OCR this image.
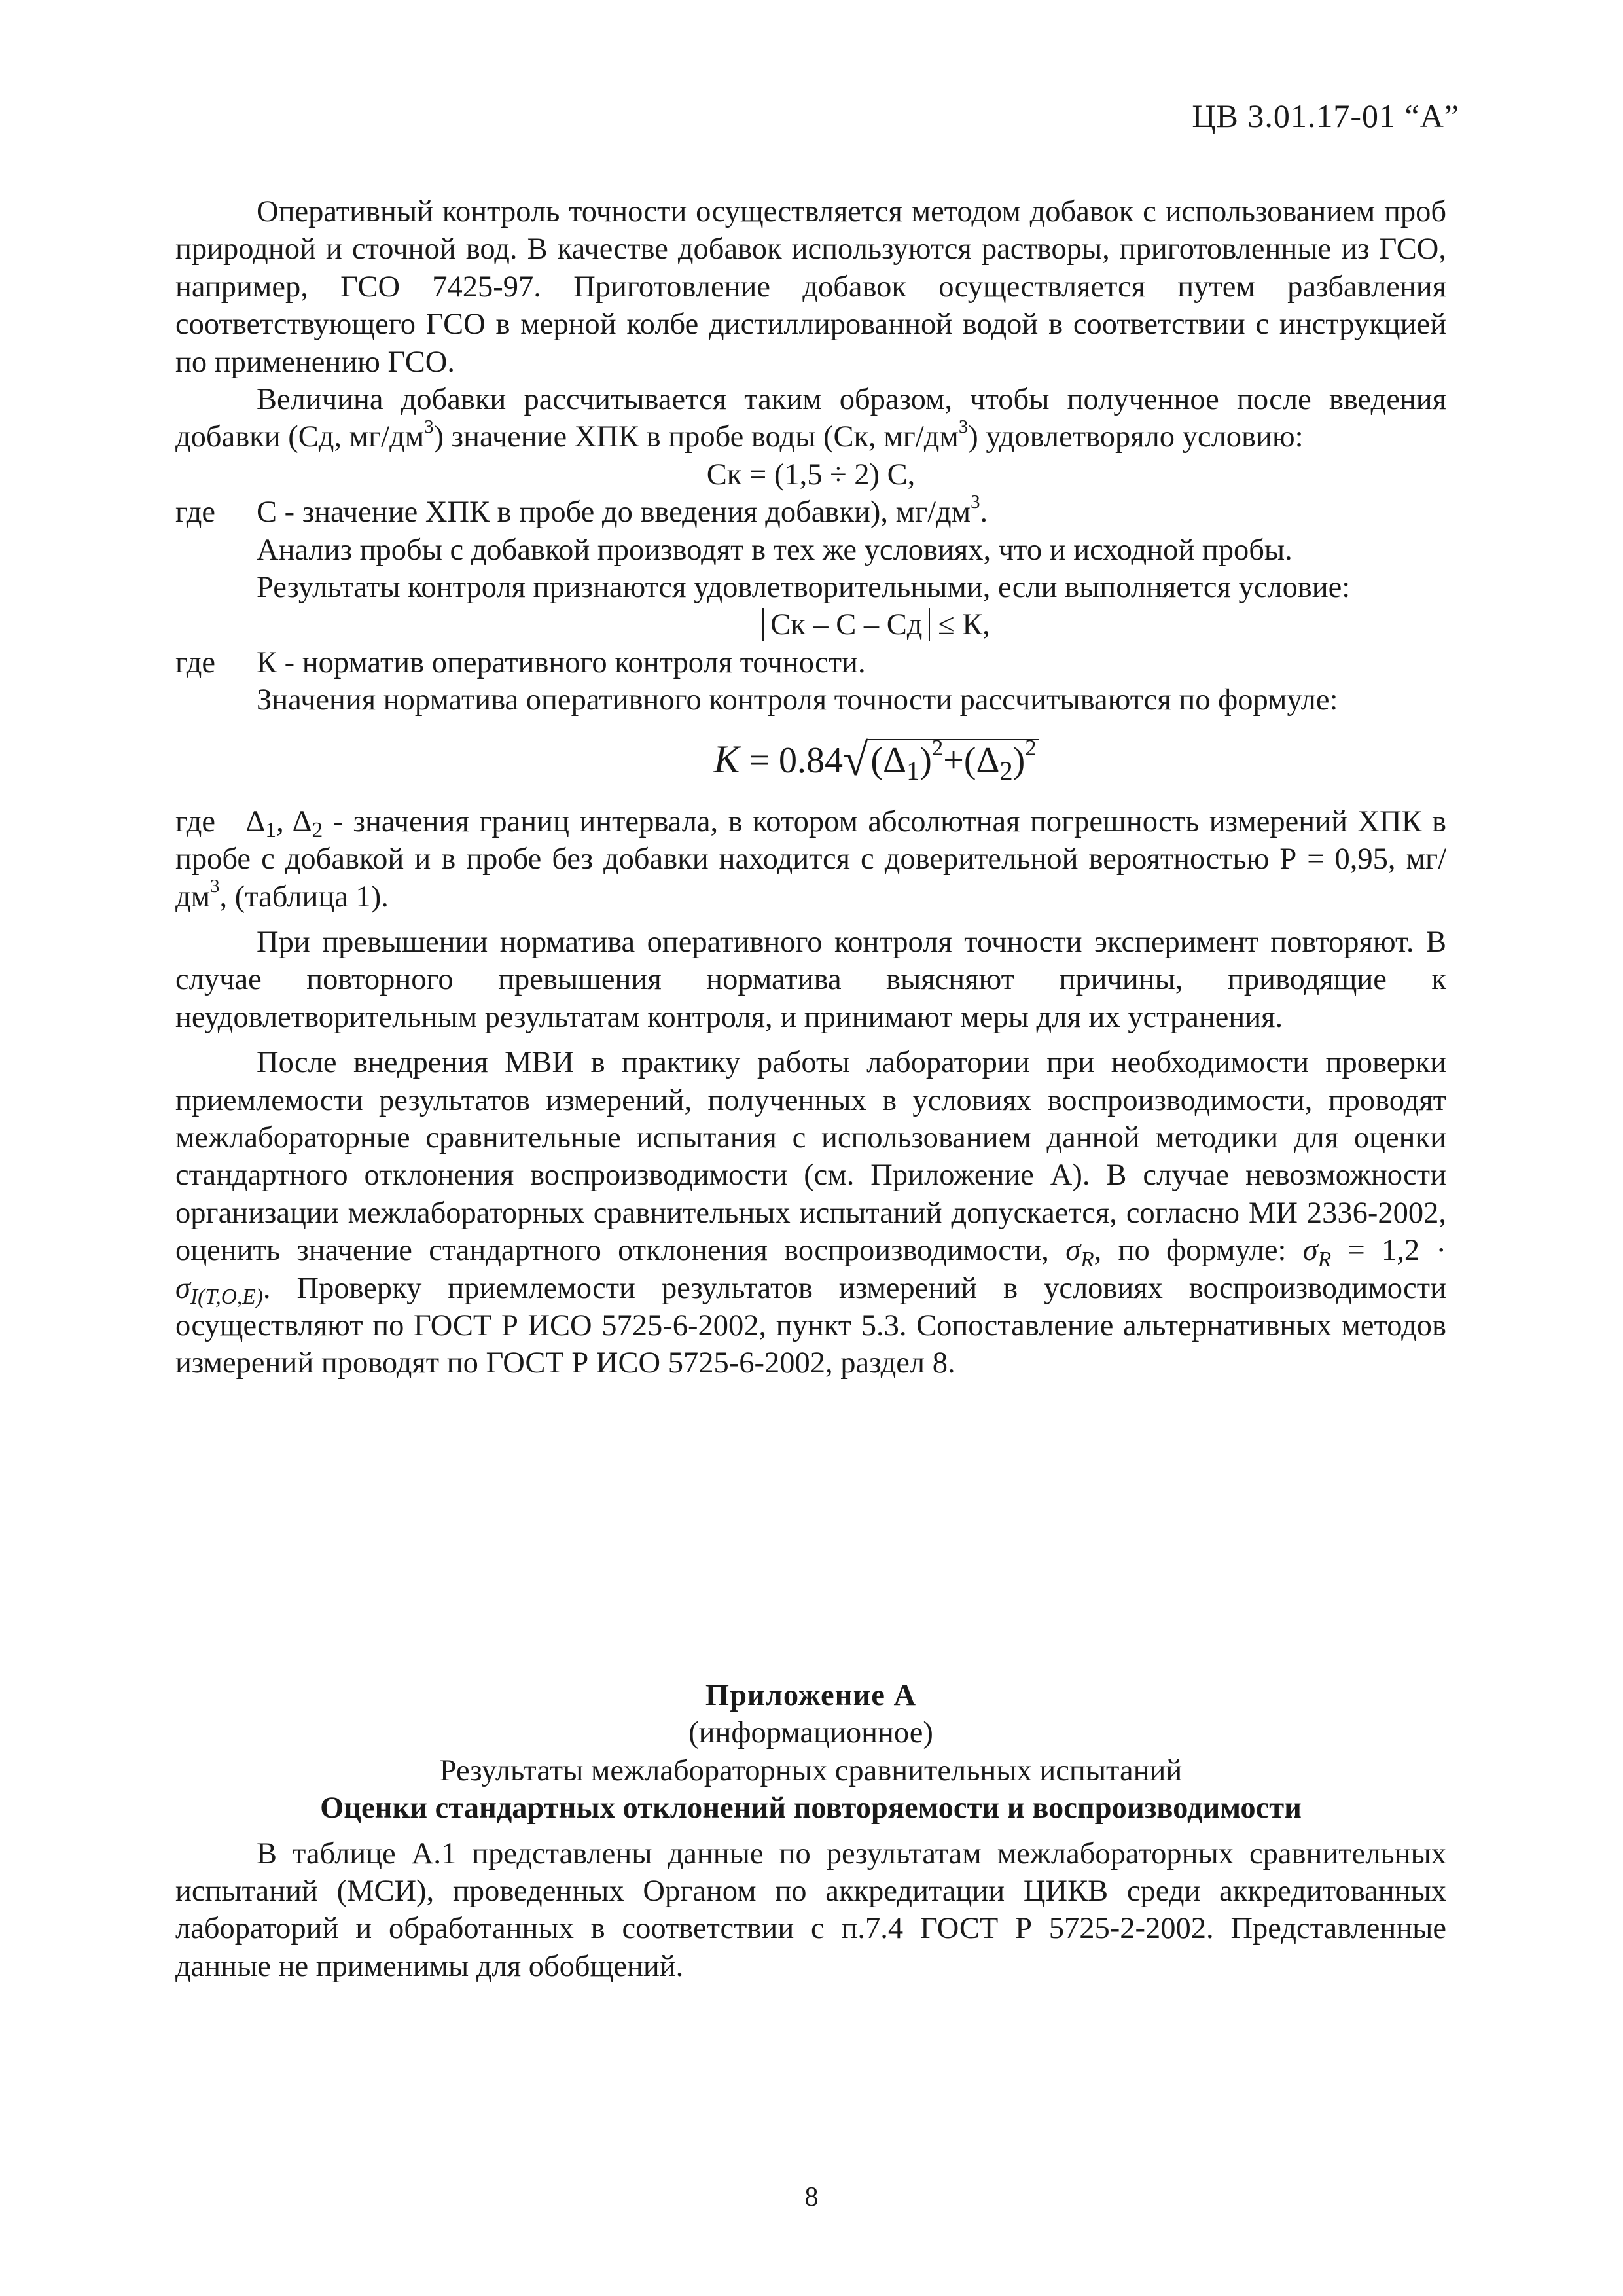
ЦВ 3.01.17-01 “А”

Оперативный контроль точности осуществляется методом добавок с использованием проб природной и сточной вод. В качестве добавок используются растворы, приготовленные из ГСО, например, ГСО 7425-97. Приготовление добавок осуществляется путем разбавления соответствующего ГСО в мерной колбе дистиллированной водой в соответствии с инструкцией по применению ГСО.

Величина добавки рассчитывается таким образом, чтобы полученное после введения добавки (Сд, $мг/дм^3$) значение ХПК в пробе воды (Ск, $мг/дм^3$) удовлетворяло условию:

Ск = (1,5 ÷ 2) С,

где	С - значение ХПК в пробе до введения добавки), $мг/дм^3$.

Анализ пробы с добавкой производят в тех же условиях, что и исходной пробы.

Результаты контроля признаются удовлетворительными, если выполняется условие:

Ск – С – Сд ≤ К,

где	К - норматив оперативного контроля точности.

Значения норматива оперативного контроля точности рассчитываются по формуле:

$K = 0.84√(\Delta_1)^2+(\Delta_2)^2$

где $\Delta_1$, $\Delta_2$ - значения границ интервала, в котором абсолютная погрешность измерений ХПК в пробе с добавкой и в пробе без добавки находится с доверительной вероятностью Р = 0,95, $мг/дм^3$, (таблица 1).

При превышении норматива оперативного контроля точности эксперимент повторяют. В случае повторного превышения норматива выясняют причины, приводящие к неудовлетворительным результатам контроля, и принимают меры для их устранения.

После внедрения МВИ в практику работы лаборатории при необходимости проверки приемлемости результатов измерений, полученных в условиях воспроизводимости, проводят межлабораторные сравнительные испытания с использованием данной методики для оценки стандартного отклонения воспроизводимости (см. Приложение А). В случае невозможности организации межлабораторных сравнительных испытаний допускается, согласно МИ 2336-2002, оценить значение стандартного отклонения воспроизводимости, $\sigma_R$, по формуле: $\sigma_R = 1,2 \cdot \sigma_{I(T,O,E)}$. Проверку приемлемости результатов измерений в условиях воспроизводимости осуществляют по ГОСТ Р ИСО 5725-6-2002, пункт 5.3. Сопоставление альтернативных методов измерений проводят по ГОСТ Р ИСО 5725-6-2002, раздел 8.

Приложение А

(информационное)

Результаты межлабораторных сравнительных испытаний

Оценки стандартных отклонений повторяемости и воспроизводимости

В таблице А.1 представлены данные по результатам межлабораторных сравнительных испытаний (МСИ), проведенных Органом по аккредитации ЦИКВ среди аккредитованных лабораторий и обработанных в соответствии с п.7.4 ГОСТ Р 5725-2-2002. Представленные данные не применимы для обобщений.

8
